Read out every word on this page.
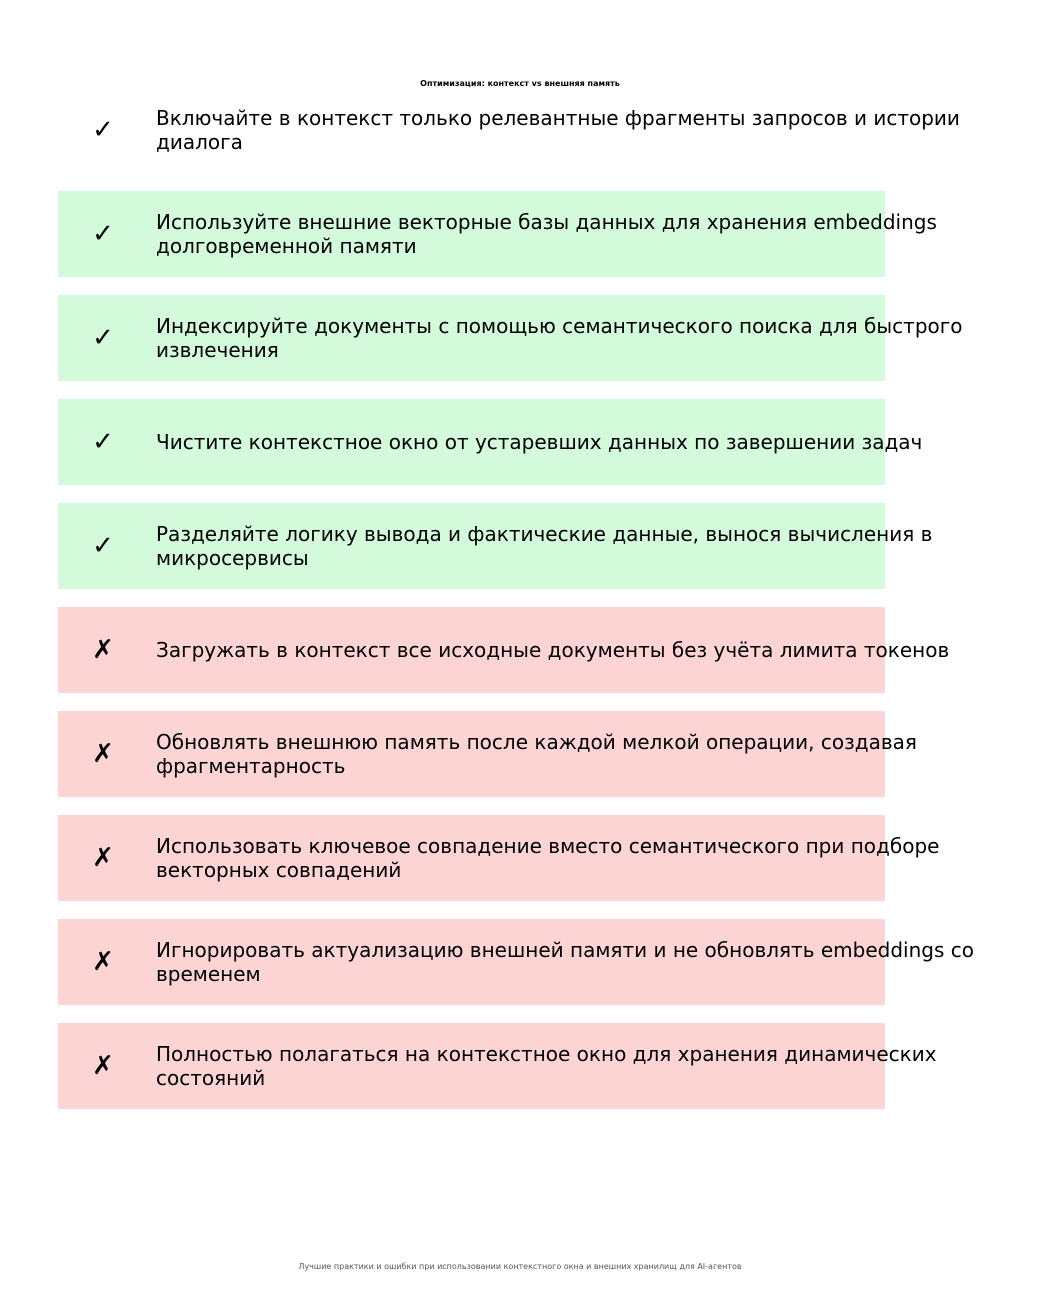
Оптимизация: контекст vs внешняя память
✓ Включайте в контекст только релевантные фрагменты запросов и истории диалога
✓ Используйте внешние векторные базы данных для хранения embeddings долговременной памяти
✓ Индексируйте документы с помощью семантического поиска для быстрого извлечения
✓ Чистите контекстное окно от устаревших данных по завершении задач
✓ Разделяйте логику вывода и фактические данные, вынося вычисления в микросервисы
✗ Загружать в контекст все исходные документы без учёта лимита токенов
✗ Обновлять внешнюю память после каждой мелкой операции, создавая фрагментарность
✗ Использовать ключевое совпадение вместо семантического при подборе векторных совпадений
✗ Игнорировать актуализацию внешней памяти и не обновлять embeddings со временем
✗ Полностью полагаться на контекстное окно для хранения динамических состояний
Лучшие практики и ошибки при использовании контекстного окна и внешних хранилищ для AI-агентов
